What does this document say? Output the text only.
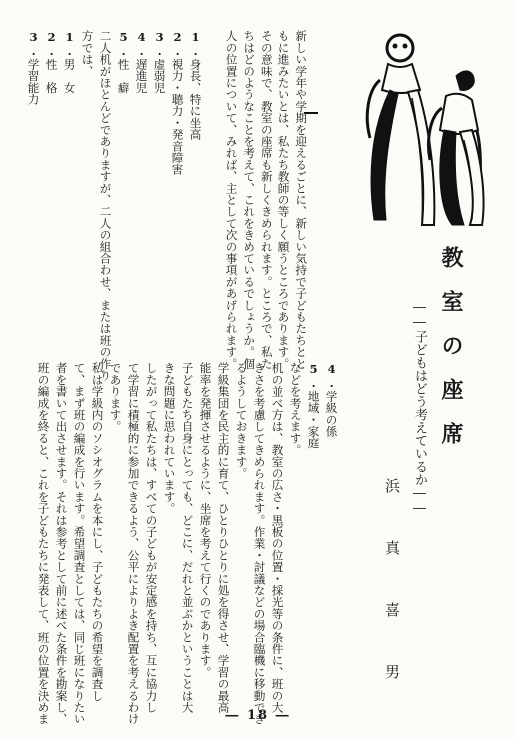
教室の座席
――子どもはどう考えているか――
浜　真　喜　男
新しい学年や学期を迎えるごとに、新しい気持で子どもたちとともに進みたいとは、私たち教師の等しく願うところであります。
その意味で、教室の座席も新しくきめられます。ところで、私たちはどのようなことを考えて、これをきめているでしょうか。個人の位置について、みれば、主として次の事項があげられます。
1.身長、特に坐高
2.視力・聴力・発音障害
3.虚弱児
4.遅進児
5.性　癖
二人机がほとんどでありますが、二人の組合わせ、または班の作り
方では、
1.男　女
2.性　格
3.学習能力
4.学級の係
5.地域・家庭
などを考えます。
机の並べ方は、教室の広さ・黒板の位置・採光等の条件に、班の大
きさを考慮してきめられます。作業・討議などの場合臨機に移動でき
るようしておきます。
学級集団を民主的に育て、ひとりひとりに処を得させ、学習の最高
能率を発揮させるように、坐席を考えて行くのであります。
子どもたち自身にとっても、どこに、だれと並ぶかということは大
きな問題に思われています。
したがって私たちは、すべての子どもが安定感を持ち、互に協力し
て学習に積極的に参加できるよう、公平によりよき配置を考えるわけ
であります。
私は学級内のソシオグラムを本にし、子どもたちの希望を調査し
て、まず班の編成を行います。希望調査としては、同じ班になりたい
者を書いて出させます。それは参考として前に述べた条件を勘案し、
班の編成を終ると、これを子どもたちに発表して、班の位置を決めま	― 18 ―
